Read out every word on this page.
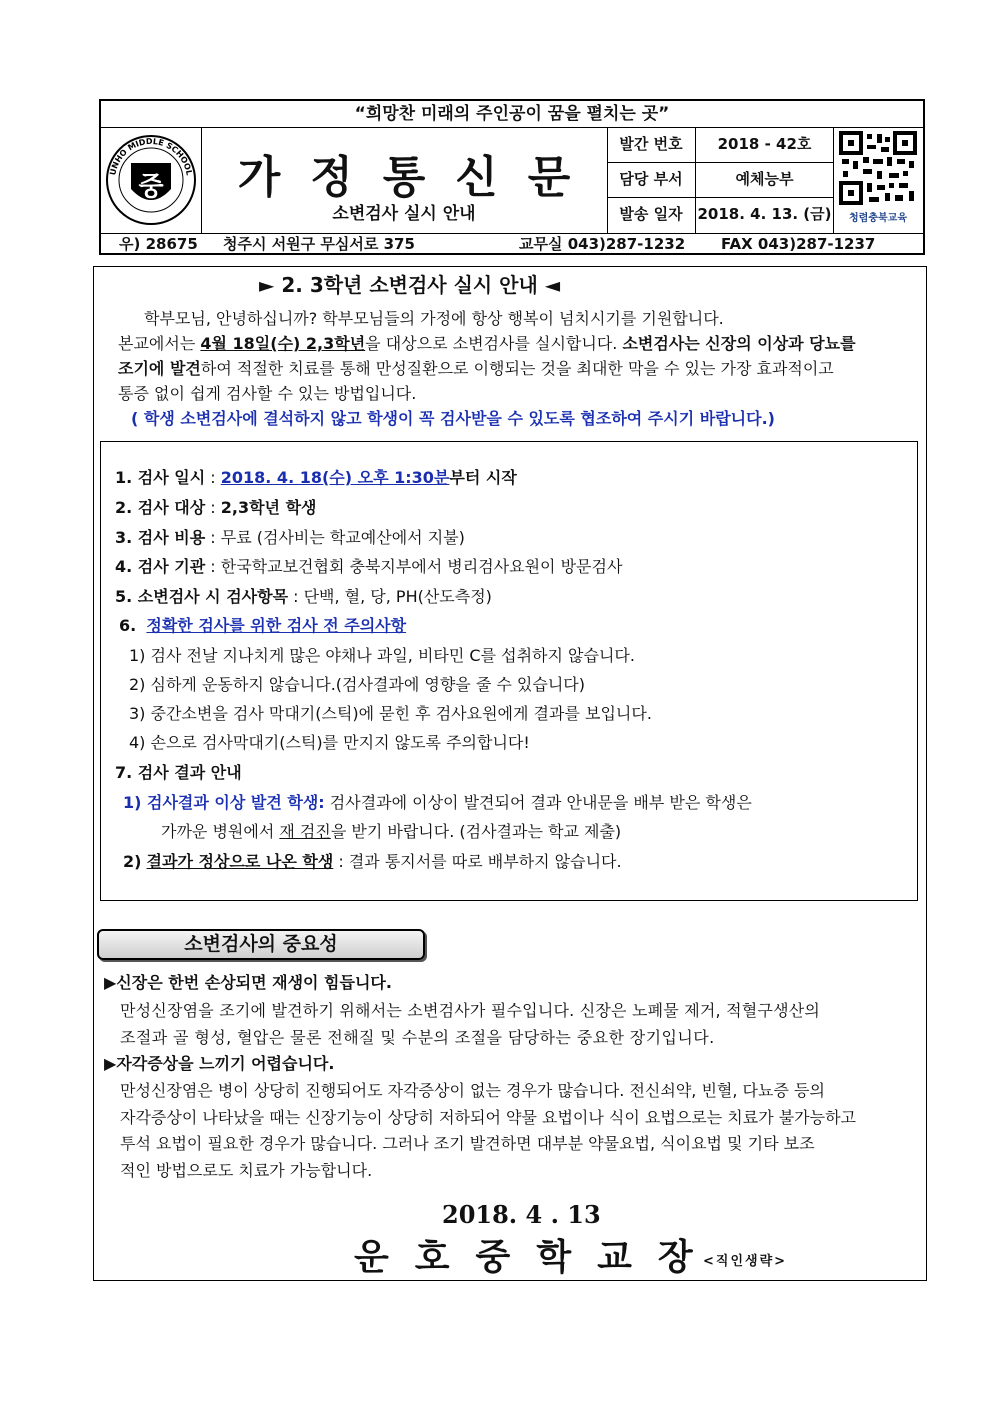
“희망찬 미래의 주인공이 꿈을 펼치는 곳”
UNHO MIDDLE SCHOOL
중	가정통신문
소변검사 실시 안내
발간 번호	2018 - 42호
담당 부서	예체능부
발송 일자 2018. 4. 13. (금)	청렴충북교육
우) 28675 청주시 서원구 무심서로 375	교무실 043)287-1232 FAX 043)287-1237

► 2. 3학년 소변검사 실시 안내 ◄

학부모님, 안녕하십니까? 학부모님들의 가정에 항상 행복이 넘치시기를 기원합니다.

본교에서는 4월 18일(수) 2,3학년을 대상으로 소변검사를 실시합니다. 소변검사는 신장의 이상과 당뇨를

조기에 발견하여 적절한 치료를 통해 만성질환으로 이행되는 것을 최대한 막을 수 있는 가장 효과적이고

통증 없이 쉽게 검사할 수 있는 방법입니다.

( 학생 소변검사에 결석하지 않고 학생이 꼭 검사받을 수 있도록 협조하여 주시기 바랍니다.)

1. 검사 일시 : 2018. 4. 18(수) 오후 1:30분부터 시작

2. 검사 대상 : 2,3학년 학생

3. 검사 비용 : 무료 (검사비는 학교예산에서 지불)

4. 검사 기관 : 한국학교보건협회 충북지부에서 병리검사요원이 방문검사

5. 소변검사 시 검사항목 : 단백, 혈, 당, PH(산도측정)

6. 정확한 검사를 위한 검사 전 주의사항

1) 검사 전날 지나치게 많은 야채나 과일, 비타민 C를 섭취하지 않습니다.

2) 심하게 운동하지 않습니다.(검사결과에 영향을 줄 수 있습니다)

3) 중간소변을 검사 막대기(스틱)에 묻힌 후 검사요원에게 결과를 보입니다.

4) 손으로 검사막대기(스틱)를 만지지 않도록 주의합니다!

7. 검사 결과 안내

1) 검사결과 이상 발견 학생: 검사결과에 이상이 발견되어 결과 안내문을 배부 받은 학생은

가까운 병원에서 재 검진을 받기 바랍니다. (검사결과는 학교 제출)

2) 결과가 정상으로 나온 학생 : 결과 통지서를 따로 배부하지 않습니다.

소변검사의 중요성

▶신장은 한번 손상되면 재생이 힘듭니다.

만성신장염을 조기에 발견하기 위해서는 소변검사가 필수입니다. 신장은 노폐물 제거, 적혈구생산의

조절과 골 형성, 혈압은 물론 전해질 및 수분의 조절을 담당하는 중요한 장기입니다.

▶자각증상을 느끼기 어렵습니다.

만성신장염은 병이 상당히 진행되어도 자각증상이 없는 경우가 많습니다. 전신쇠약, 빈혈, 다뇨증 등의

자각증상이 나타났을 때는 신장기능이 상당히 저하되어 약물 요법이나 식이 요법으로는 치료가 불가능하고

투석 요법이 필요한 경우가 많습니다. 그러나 조기 발견하면 대부분 약물요법, 식이요법 및 기타 보조

적인 방법으로도 치료가 가능합니다.

2018. 4 . 13

운호중학교장

<직인생략>
